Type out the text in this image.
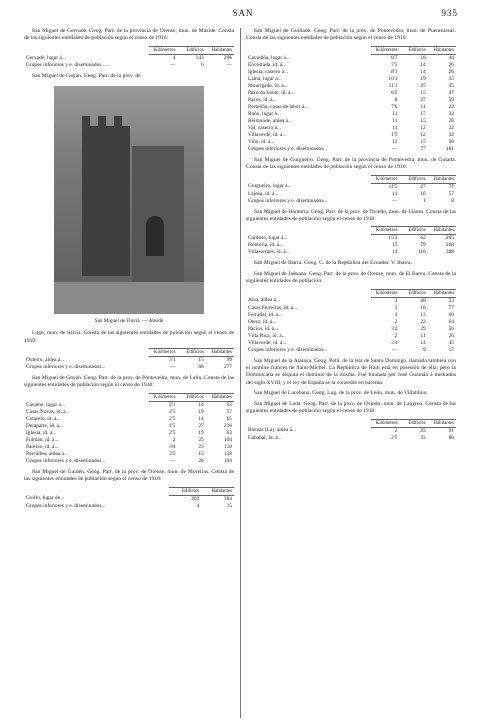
SAN	935

San Miguel de Gervade. Geog. Parr. de la provincia de Orense, mun. de Maside. Consta de las siguientes entidades de población según el censo de 1910:

	Kilómetros	Edificios	Habitantes
Gervade, lugar á...	4	143	296
Grupos inferiores y e. diseminados.......	—	6	—

San Miguel de Goyán. Geog. Parr. de la prov. de

San Miguel de Fluviá. — Ábside

Lugo, mun. de Sarria. Consta de las siguientes entidades de población según el censo de 1910:

	Kilómetros	Edificios	Habitantes
Outeiro, aldea á...	5'1	15	99
Grupos inferiores y e. diseminados...	—	86	277

San Miguel de Goyán. Geog. Parr. de la prov. de Pontevedra, mun. de Lalín. Consta de las siguientes entidades de población según el censo de 1910:

	Kilómetros	Edificios	Habitantes
Cácame, lugar á...	2'1	14	53
Casas Novas, íd. á...	2'5	19	57
Cotarelo, íd. á...	2'5	14	65
Delaparte, íd. á...	1'5	27	216
Iglesia, íd. á...	2'5	19	63
Fulmán, íd. á...	2	25	104
Pareixo, íd. á...	3'4	23	118
Porcallos, aldea á...	3'5	15	158
Grupos inferiores y e. diseminados...	—	26	104

San Miguel de Guidén. Geog. Parr. de la prov. de Orense, mun. de Moreiras. Consta de las siguientes entidades de población según el censo de 1910:

	Edificios	Habitantes
Guillu, lugar de...	203	384
Grupos inferiores y e. diseminados...	4	15

San Miguel de Guillade. Geog. Parr. de la prov. de Pontevedra, mun. de Puenteáreas. Consta de las siguientes entidades de población según el censo de 1910:

	Kilómetros	Edificios	Habitantes
Cavadiña, lugar á...	8'7	16	44
Encostada, íd. á...	7'5	14	26
Iglesia, caserío á...	8'1	14	26
Lama, lugar á...	10'1	19	35
Mourigade, íd. á...	11'1	25	55
Pazo da Fonte, íd. á...	6'5	15	47
Pazos, íd. á...	8	27	59
Porteliña, casas de labor á...	7'6	11	22
Raño, lugar á...	11	17	32
Reimonde, aldea á...	11	15	28
Val, caserío á...	11	12	32
Villaverde, íd. á...	1'5	12	32
Viño, íd. á...	13	15	30
Grupos inferiores y e. diseminados...	—	77	181

San Miguel de Gurgueiro. Geog. Parr. de la provincia de Pontevedra, mun. de Golada. Consta de las siguientes entidades de población según el censo de 1910:

	Kilómetros	Edificios	Habitantes
Gurgueiro, lugar á...	11'5	27	77
Lajosa, íd. á...	11	16	57
Grupos inferiores y e. diseminados...	—	1	8

San Miguel de Hontoria. Geog. Parr. de la prov. de Oviedo, mun. de Llanes. Consta de las siguientes entidades de población según el censo de 1910:

	Kilómetros	Edificios	Habitantes
Cardoso, lugar á...	15'3	62	265
Hontoria, íd. á...	15	79	268
Villasormes, íd. á...	14	116	388

San Miguel de Ibarra. Geog. C. de la República del Ecuador. V. Ibarra.

San Miguel de Jadoaza. Geog. Parr. de la prov. de Orense, mun. de El Barco. Consta de la siguientes entidades de población:

	Kilómetros	Edificios	Habitantes
Aisó, aldea á...	3	26	53
Casas Ferreiras, íd. á...	3	16	77
Ferradal, íd. á...	3	13	60
Otero, íd. á...	2	22	64
Pacios, íd. á...	3'2	29	56
Villa Rica, íd. á...	2	11	26
Villaverde, íd. á...	3'4	14	45
Grupos inferiores y e. diseminados...	—	9	17

San Miguel de la Atalaya. Geog. Pobl. de la isla de Santo Domingo, llamada también con el nombre francés de Saint-Michel. La República de Haití está en posesión de ella; pero la Dominicana se disputa el dominio de la misma. Fué fundada por José Guzmán á mediados del siglo XVIII, y el rey de España se la concedió en baronía.

San Miguel de Lacebana. Geog. Lug. de la prov. de León, mun. de Villablino.

San Miguel de Lada. Geog. Parr. de la prov. de Oviedo, mun. de Langreo. Consta de las siguientes entidades de población según el censo de 1910:

	Kilómetros	Edificios	Habitantes
Boceas (La), aldea á...	2	33	91
Cabañal, íd. á...	2'5	33	80
